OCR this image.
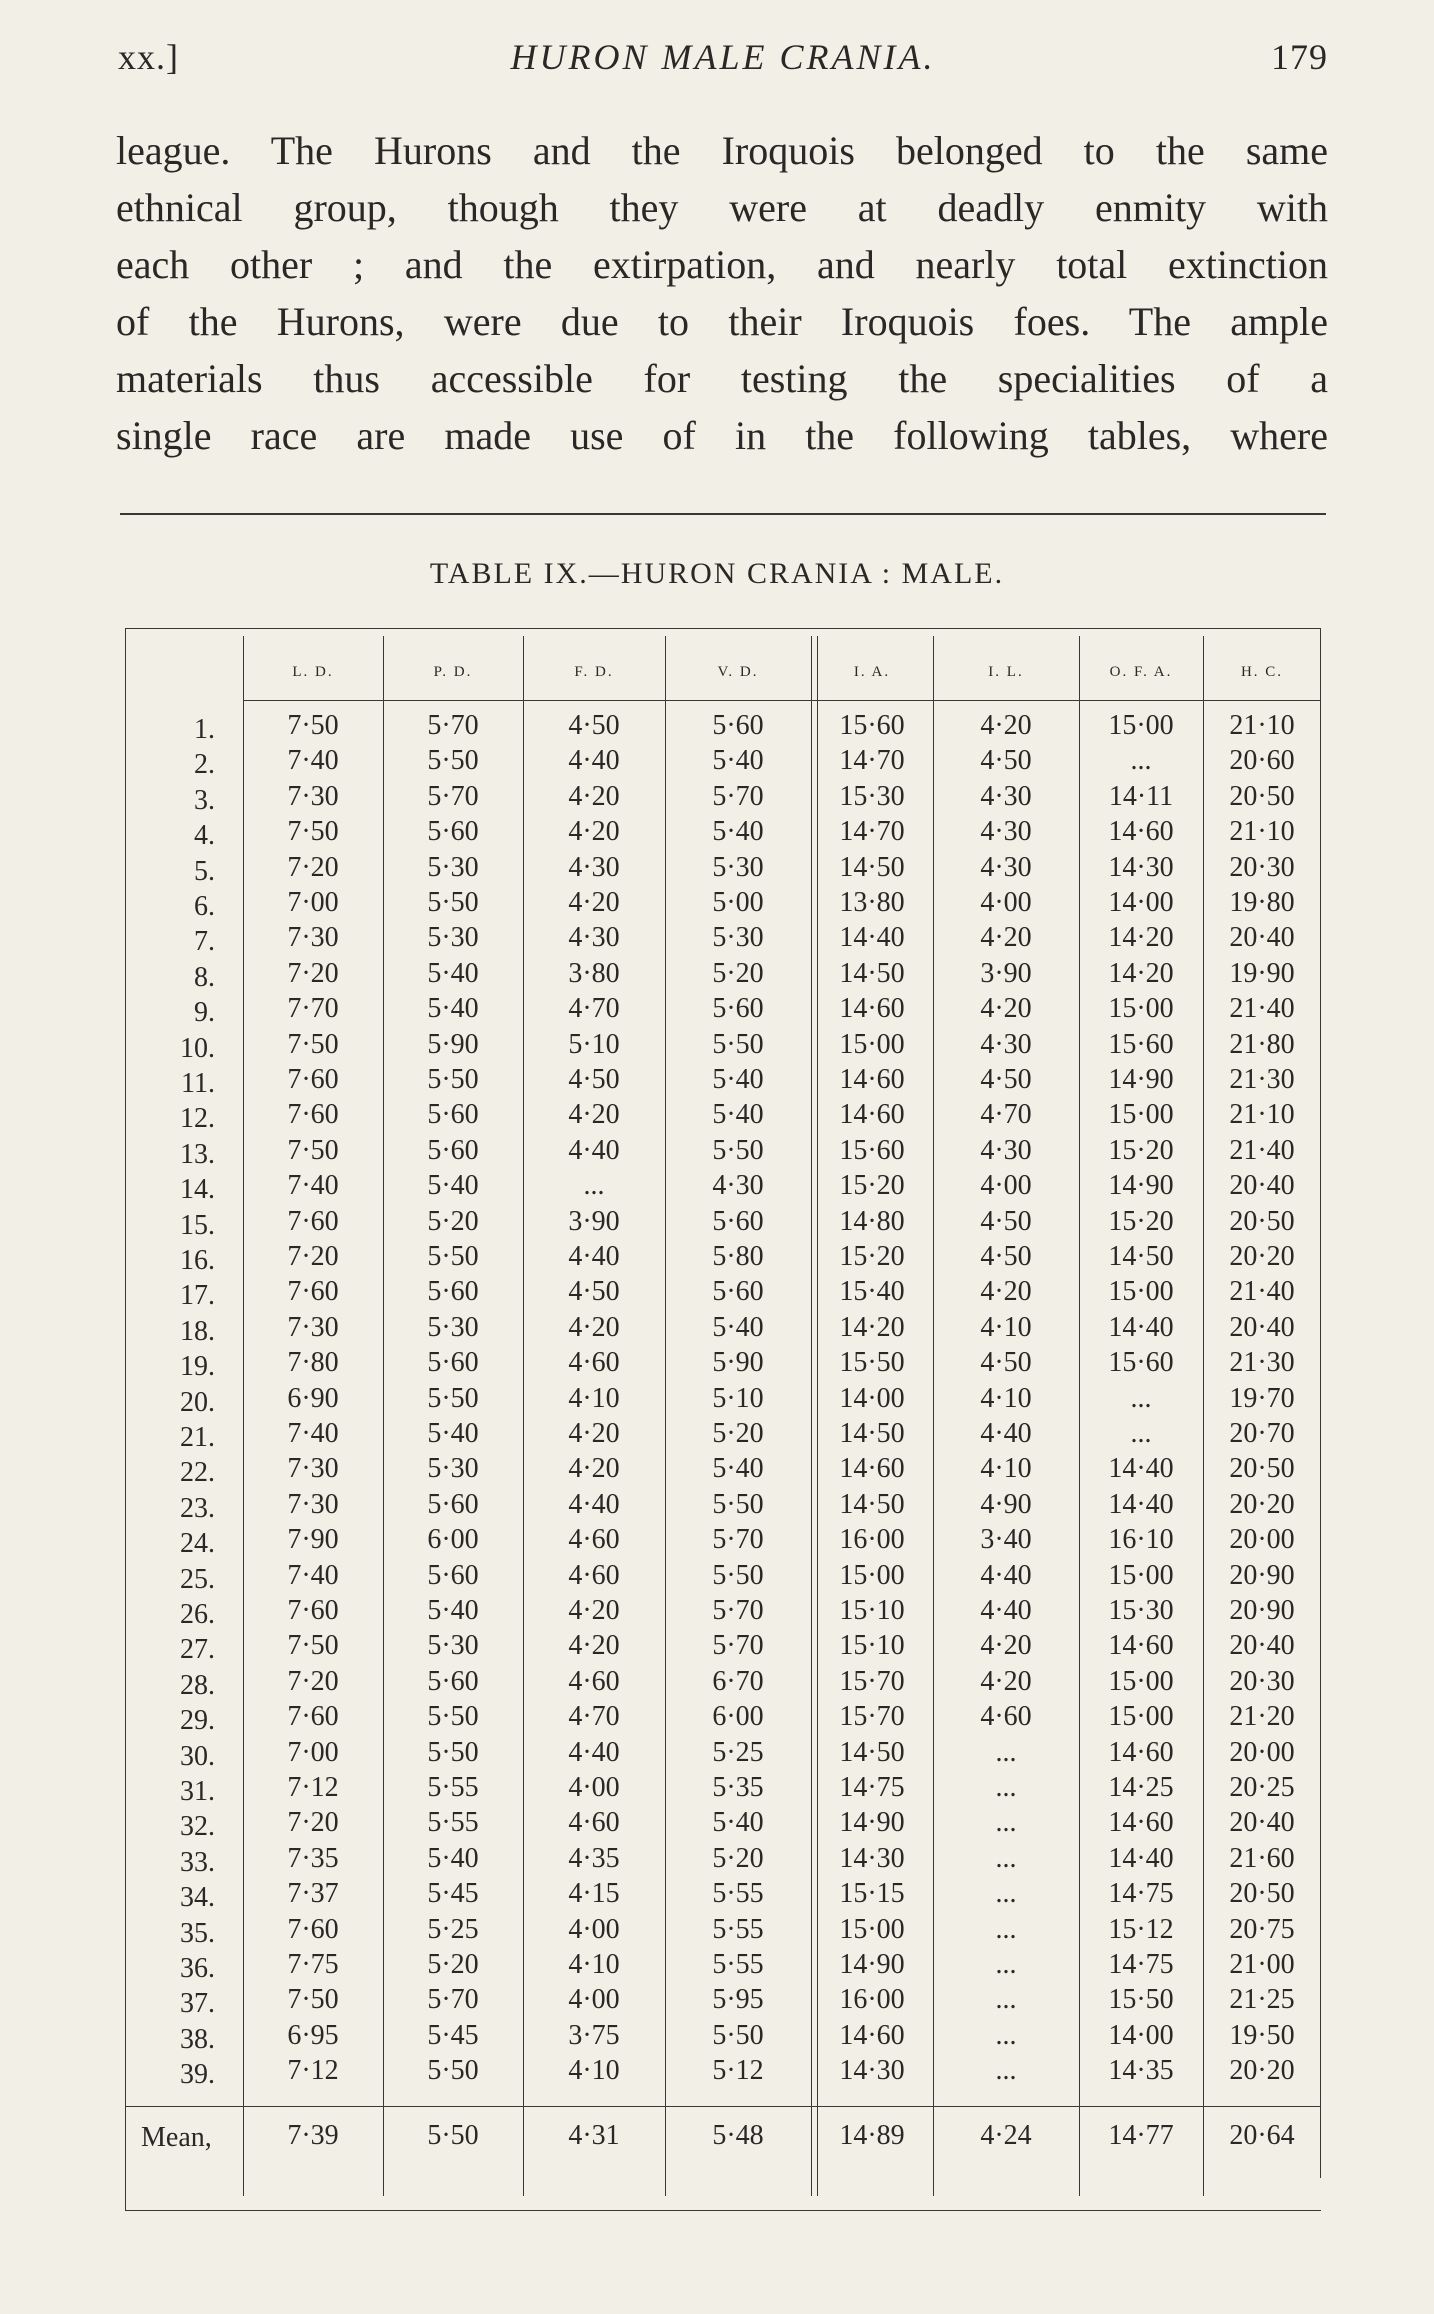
xx.]	HURON MALE CRANIA.	179
league. The Hurons and the Iroquois belonged to the same
ethnical group, though they were at deadly enmity with
each other ; and the extirpation, and nearly total extinction
of the Hurons, were due to their Iroquois foes. The ample
materials thus accessible for testing the specialities of a
single race are made use of in the following tables, where
TABLE IX.—HURON CRANIA : MALE.
L. D.	P. D.	F. D.	V. D.	I. A.	I. L.	O. F. A.	H. C.
1.	7·50	5·70	4·50	5·60	15·60	4·20	15·00	21·10
2.	7·40	5·50	4·40	5·40	14·70	4·50	...	20·60
3.	7·30	5·70	4·20	5·70	15·30	4·30	14·11	20·50
4.	7·50	5·60	4·20	5·40	14·70	4·30	14·60	21·10
5.	7·20	5·30	4·30	5·30	14·50	4·30	14·30	20·30
6.	7·00	5·50	4·20	5·00	13·80	4·00	14·00	19·80
7.	7·30	5·30	4·30	5·30	14·40	4·20	14·20	20·40
8.	7·20	5·40	3·80	5·20	14·50	3·90	14·20	19·90
9.	7·70	5·40	4·70	5·60	14·60	4·20	15·00	21·40
10.	7·50	5·90	5·10	5·50	15·00	4·30	15·60	21·80
11.	7·60	5·50	4·50	5·40	14·60	4·50	14·90	21·30
12.	7·60	5·60	4·20	5·40	14·60	4·70	15·00	21·10
13.	7·50	5·60	4·40	5·50	15·60	4·30	15·20	21·40
14.	7·40	5·40	...	4·30	15·20	4·00	14·90	20·40
15.	7·60	5·20	3·90	5·60	14·80	4·50	15·20	20·50
16.	7·20	5·50	4·40	5·80	15·20	4·50	14·50	20·20
17.	7·60	5·60	4·50	5·60	15·40	4·20	15·00	21·40
18.	7·30	5·30	4·20	5·40	14·20	4·10	14·40	20·40
19.	7·80	5·60	4·60	5·90	15·50	4·50	15·60	21·30
20.	6·90	5·50	4·10	5·10	14·00	4·10	...	19·70
21.	7·40	5·40	4·20	5·20	14·50	4·40	...	20·70
22.	7·30	5·30	4·20	5·40	14·60	4·10	14·40	20·50
23.	7·30	5·60	4·40	5·50	14·50	4·90	14·40	20·20
24.	7·90	6·00	4·60	5·70	16·00	3·40	16·10	20·00
25.	7·40	5·60	4·60	5·50	15·00	4·40	15·00	20·90
26.	7·60	5·40	4·20	5·70	15·10	4·40	15·30	20·90
27.	7·50	5·30	4·20	5·70	15·10	4·20	14·60	20·40
28.	7·20	5·60	4·60	6·70	15·70	4·20	15·00	20·30
29.	7·60	5·50	4·70	6·00	15·70	4·60	15·00	21·20
30.	7·00	5·50	4·40	5·25	14·50	...	14·60	20·00
31.	7·12	5·55	4·00	5·35	14·75	...	14·25	20·25
32.	7·20	5·55	4·60	5·40	14·90	...	14·60	20·40
33.	7·35	5·40	4·35	5·20	14·30	...	14·40	21·60
34.	7·37	5·45	4·15	5·55	15·15	...	14·75	20·50
35.	7·60	5·25	4·00	5·55	15·00	...	15·12	20·75
36.	7·75	5·20	4·10	5·55	14·90	...	14·75	21·00
37.	7·50	5·70	4·00	5·95	16·00	...	15·50	21·25
38.	6·95	5·45	3·75	5·50	14·60	...	14·00	19·50
39.	7·12	5·50	4·10	5·12	14·30	...	14·35	20·20
Mean,	7·39	5·50	4·31	5·48	14·89	4·24	14·77	20·64
